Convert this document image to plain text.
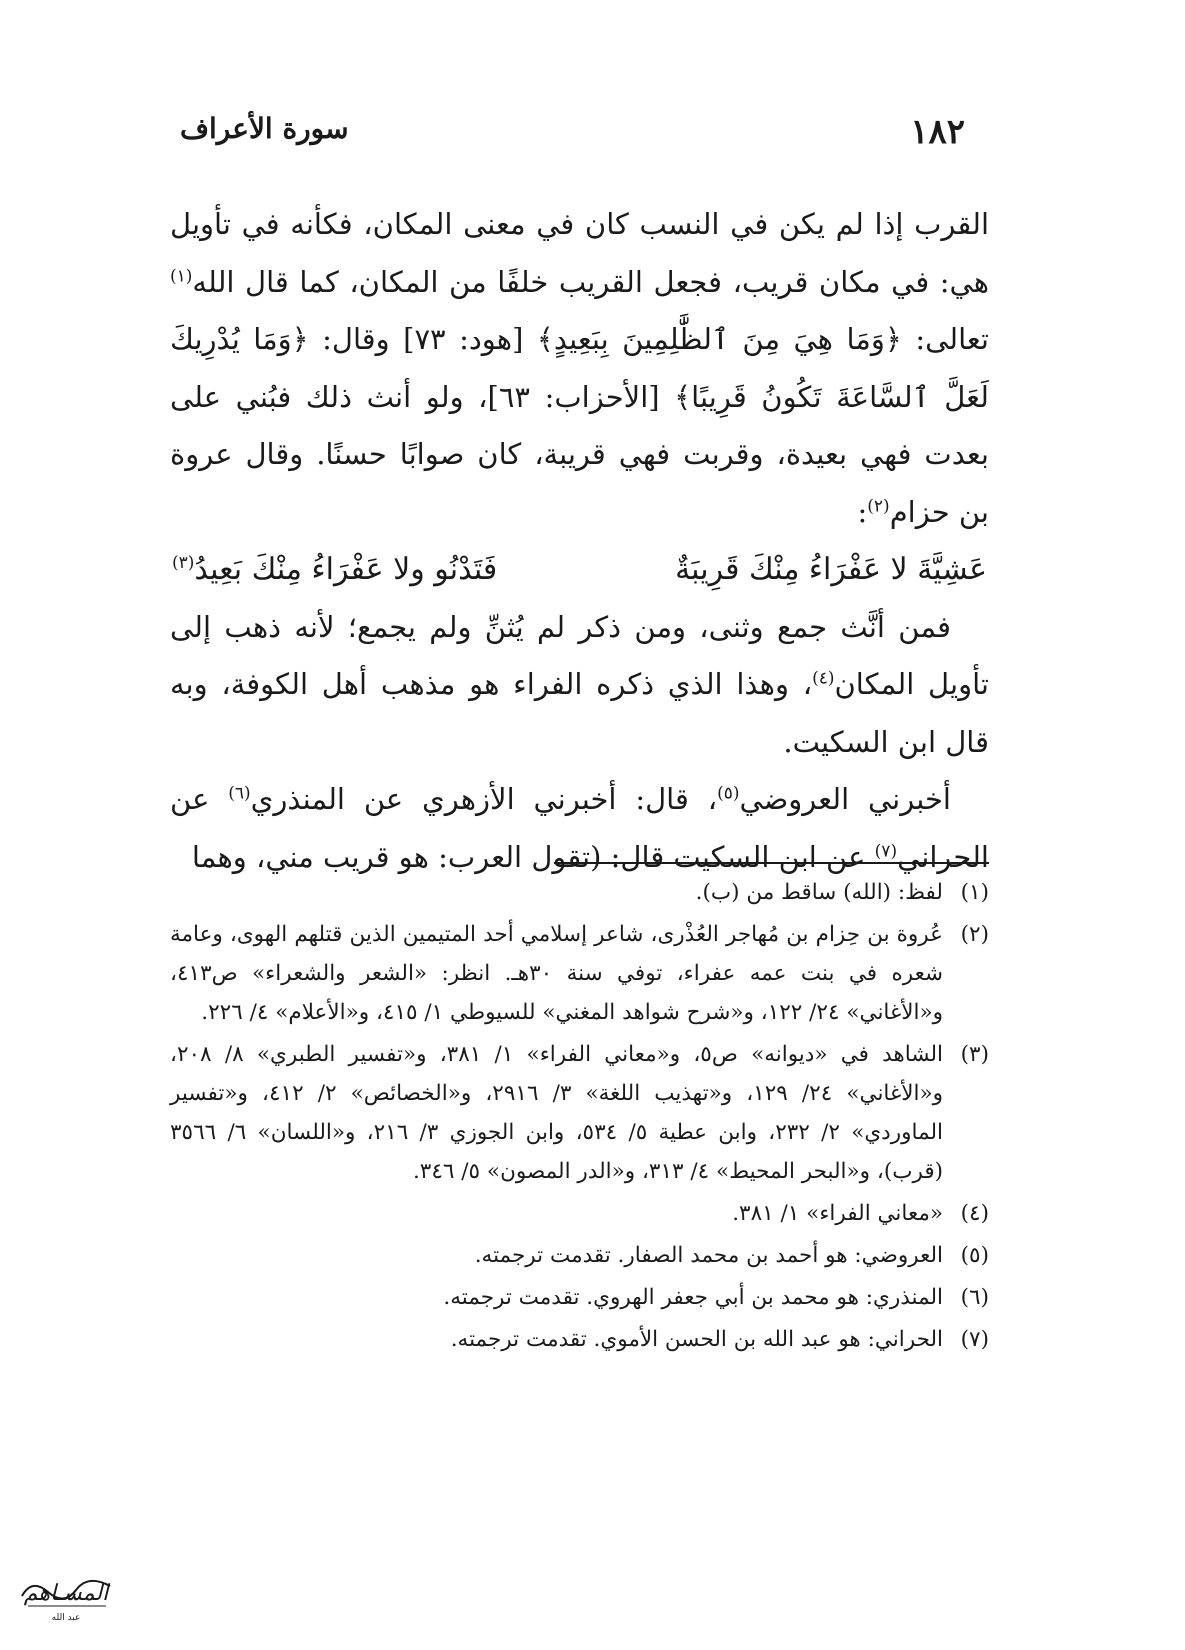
١٨٢
سورة الأعراف

القرب إذا لم يكن في النسب كان في معنى المكان، فكأنه في تأويل هي: في مكان قريب، فجعل القريب خلفًا من المكان، كما قال الله$^{(١)}$ تعالى: ﴿وَمَا هِيَ مِنَ ٱلظَّٰلِمِينَ بِبَعِيدٍ﴾ [هود: ٧٣] وقال: ﴿وَمَا يُدْرِيكَ لَعَلَّ ٱلسَّاعَةَ تَكُونُ قَرِيبًا﴾ [الأحزاب: ٦٣]، ولو أنث ذلك فبُني على بعدت فهي بعيدة، وقربت فهي قريبة، كان صوابًا حسنًا. وقال عروة بن حزام$^{(٢)}$:

عَشِيَّةَ لا عَفْرَاءُ مِنْكَ قَرِيبَةٌ
فَتَدْنُو ولا عَفْرَاءُ مِنْكَ بَعِيدُ$^{(٣)}$

فمن أنَّث جمع وثنى، ومن ذكر لم يُثنِّ ولم يجمع؛ لأنه ذهب إلى تأويل المكان$^{(٤)}$، وهذا الذي ذكره الفراء هو مذهب أهل الكوفة، وبه قال ابن السكيت.

أخبرني العروضي$^{(٥)}$، قال: أخبرني الأزهري عن المنذري$^{(٦)}$ عن الحراني$^{(٧)}$ عن ابن السكيت قال: (تقول العرب: هو قريب مني، وهما

(١)
لفظ: (الله) ساقط من (ب).
(٢)
عُروة بن حِزام بن مُهاجر العُذْرى، شاعر إسلامي أحد المتيمين الذين قتلهم الهوى، وعامة شعره في بنت عمه عفراء، توفي سنة ٣٠هـ. انظر: «الشعر والشعراء» ص٤١٣، و«الأغاني» ٢٤/ ١٢٢، و«شرح شواهد المغني» للسيوطي ١/ ٤١٥، و«الأعلام» ٤/ ٢٢٦.
(٣)
الشاهد في «ديوانه» ص٥، و«معاني الفراء» ١/ ٣٨١، و«تفسير الطبري» ٨/ ٢٠٨، و«الأغاني» ٢٤/ ١٢٩، و«تهذيب اللغة» ٣/ ٢٩١٦، و«الخصائص» ٢/ ٤١٢، و«تفسير الماوردي» ٢/ ٢٣٢، وابن عطية ٥/ ٥٣٤، وابن الجوزي ٣/ ٢١٦، و«اللسان» ٦/ ٣٥٦٦ (قرب)، و«البحر المحيط» ٤/ ٣١٣، و«الدر المصون» ٥/ ٣٤٦.
(٤)
«معاني الفراء» ١/ ٣٨١.
(٥)
العروضي: هو أحمد بن محمد الصفار. تقدمت ترجمته.
(٦)
المنذري: هو محمد بن أبي جعفر الهروي. تقدمت ترجمته.
(٧)
الحراني: هو عبد الله بن الحسن الأموي. تقدمت ترجمته.
المسـاهم
عبد الله
